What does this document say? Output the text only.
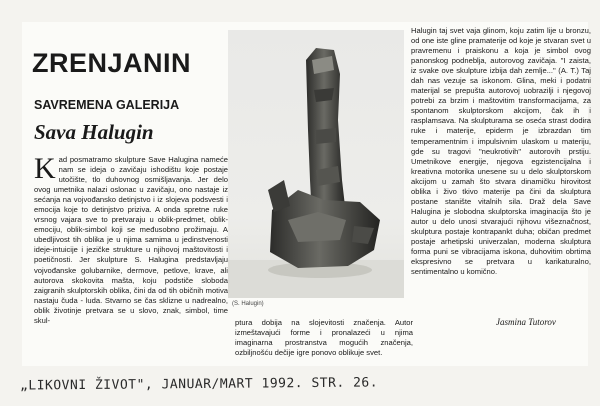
ZRENJANIN
SAVREMENA GALERIJA
Sava Halugin
Kad posmatramo skulpture Save Halugina nameće nam se ideja o zavičaju ishodištu koje postaje utočište, tlo duhovnog osmišljavanja. Jer delo ovog umetnika nalazi oslonac u zavičaju, ono nastaje iz sećanja na vojvođansko detinjstvo i iz slojeva podsvesti i emocija koje to detinjstvo priziva. A onda spretne ruke vrsnog vajara sve to pretvaraju u oblik-predmet, oblik-emociju, oblik-simbol koji se međusobno prožimaju. A ubedljivost tih oblika je u njima samima u jedinstvenosti ideje-intuicije i jezičke strukture u njihovoj maštovitosti i poetičnosti. Jer skulpture S. Halugina predstavljaju vojvođanske golubarnike, dermove, petlove, krave, ali autorova skokovita mašta, koju podstiče sloboda zaigranih skulptorskih oblika, čini da od tih običnih motiva nastaju čuda - luda. Stvarno se čas sklizne u nadrealno, oblik životinje pretvara se u slovo, znak, simbol, time skul-
(S. Halugin)
ptura dobija na slojevitosti značenja. Autor izmeštavajući forme i pronalazeći u njima imaginarna prostranstva mogućih značenja, ozbiljnošću dečije igre ponovo oblikuje svet.
Halugin taj svet vaja glinom, koju zatim lije u bronzu, od one iste gline pramaterije od koje je stvaran svet u pravremenu i praiskonu a koja je simbol ovog panonskog podneblja, autorovog zavičaja. "I zaista, iz svake ove skulpture izbija dah zemlje..." (A. T.) Taj dah nas vezuje sa iskonom. Glina, meki i podatni materijal se prepušta autorovoj uobrazilji i njegovoj potrebi za brzim i maštovitim transformacijama, za spontanom skulptorskom akcijom, čak ih i rasplamsava. Na skulpturama se oseća strast dodira ruke i materije, epiderm je izbrazdan tim temperamentnim i impulsivnim ulaskom u materiju, gde su tragovi "neukrotivih" autorovih prstiju. Umetnikove energije, njegova egzistencijalna i kreativna motorika unesene su u delo skulptorskom akcijom u zamah što stvara dinamičku hirovitost oblika i živo tkivo materije pa čini da skulptura postane stanište vitalnih sila. Draž dela Save Halugina je slobodna skulptorska imaginacija što je autor u delo unosi stvarajući njihovu višeznačnost, skulptura postaje kontrapankt duha; običan predmet postaje arhetipski univerzalan, moderna skulptura forma puni se vibracijama iskona, duhovitim obrtima ekspresivno se pretvara u karikaturalno, sentimentalno u komično.
Jasmina Tutorov
„LIKOVNI ŽIVOT", JANUAR/MART 1992. STR. 26.
